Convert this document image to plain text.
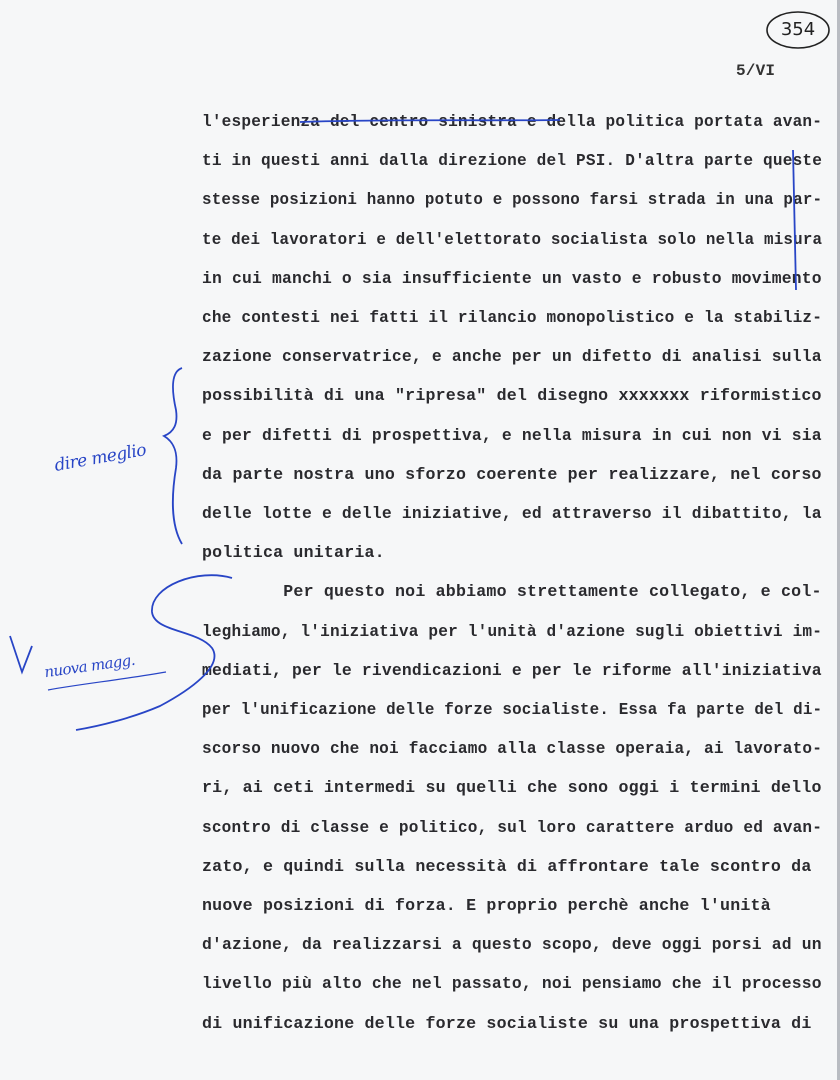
354
5/VI
l'esperienza del centro sinistra e della politica portata avan-
ti in questi anni dalla direzione del PSI. D'altra parte queste
stesse posizioni hanno potuto e possono farsi strada in una par-
te dei lavoratori e dell'elettorato socialista solo nella misura
in cui manchi o sia insufficiente un vasto e robusto movimento
che contesti nei fatti il rilancio monopolistico e la stabiliz-
zazione conservatrice, e anche per un difetto di analisi sulla
possibilità di una "ripresa" del disegno xxxxxxx riformistico
e per difetti di prospettiva, e nella misura in cui non vi sia
da parte nostra uno sforzo coerente per realizzare, nel corso
delle lotte e delle iniziative, ed attraverso il dibattito, la
politica unitaria.
Per questo noi abbiamo strettamente collegato, e col-
leghiamo, l'iniziativa per l'unità d'azione sugli obiettivi im-
mediati, per le rivendicazioni e per le riforme all'iniziativa
per l'unificazione delle forze socialiste. Essa fa parte del di-
scorso nuovo che noi facciamo alla classe operaia, ai lavorato-
ri, ai ceti intermedi su quelli che sono oggi i termini dello
scontro di classe e politico, sul loro carattere arduo ed avan-
zato, e quindi sulla necessità di affrontare tale scontro da
nuove posizioni di forza. E proprio perchè anche l'unità
d'azione, da realizzarsi a questo scopo, deve oggi porsi ad un
livello più alto che nel passato, noi pensiamo che il processo
di unificazione delle forze socialiste su una prospettiva di
dire meglio
nuova magg.
